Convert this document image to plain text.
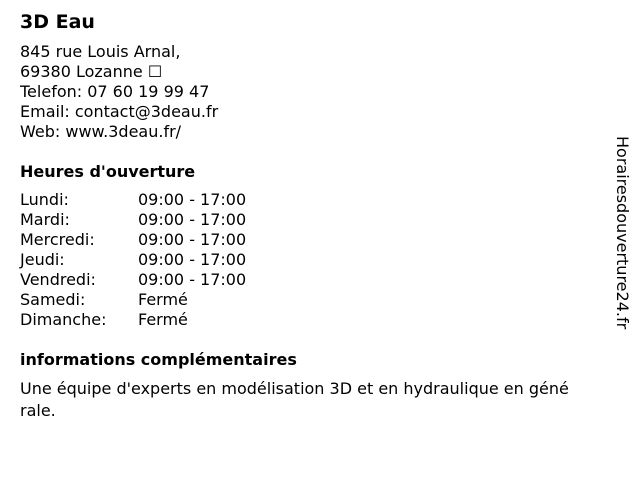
3D Eau
845 rue Louis Arnal,
69380 Lozanne ☐
Telefon: 07 60 19 99 47
Email: contact@3deau.fr
Web: www.3deau.fr/
Heures d'ouverture
Lundi:	09:00 - 17:00
Mardi:	09:00 - 17:00
Mercredi:	09:00 - 17:00
Jeudi:	09:00 - 17:00
Vendredi:	09:00 - 17:00
Samedi:	Fermé
Dimanche:	Fermé
informations complémentaires
Une équipe d'experts en modélisation 3D et en hydraulique en géné
rale.
Horairesdouverture24.fr
